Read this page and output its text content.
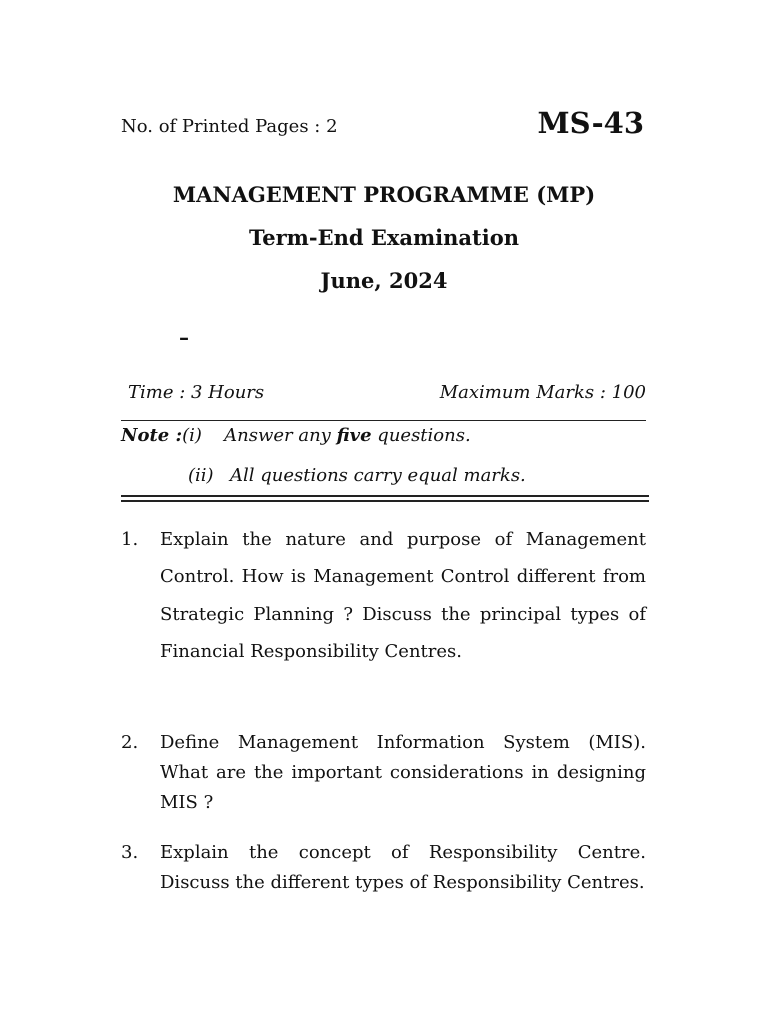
No. of Printed Pages : 2	MS-43
MANAGEMENT PROGRAMME (MP)
Term-End Examination
June, 2024
–
Time : 3 Hours	Maximum Marks : 100
Note :(i) Answer any five questions.
(ii) All questions carry equal marks.
1. Explain the nature and purpose of Management Control. How is Management Control different from Strategic Planning ? Discuss the principal types of Financial Responsibility Centres.
2. Define Management Information System (MIS). What are the important considerations in designing MIS ?
3. Explain the concept of Responsibility Centre. Discuss the different types of Responsibility Centres.
